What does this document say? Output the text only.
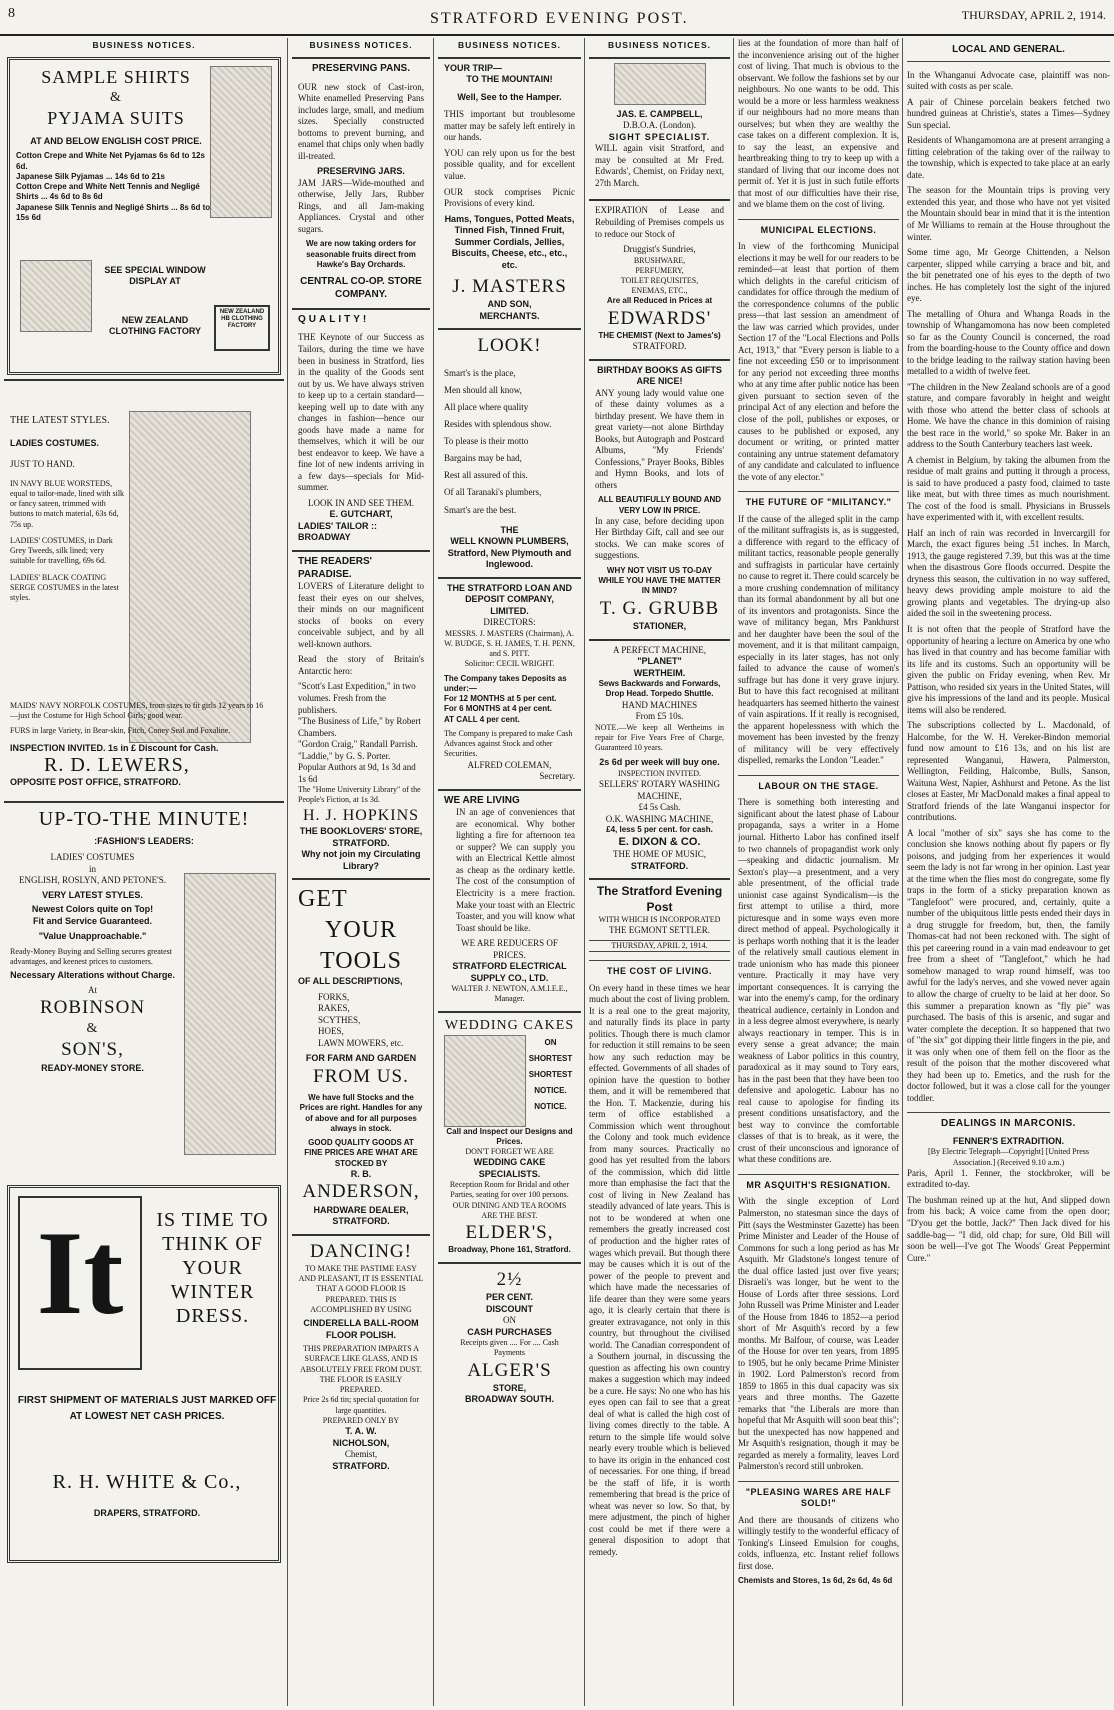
8	STRATFORD EVENING POST.	THURSDAY, APRIL 2, 1914.
BUSINESS NOTICES.
SAMPLE SHIRTS
&
PYJAMA SUITS
AT AND BELOW ENGLISH COST PRICE.
Cotton Crepe and White Net Pyjamas 6s 6d to 12s 6d.
Japanese Silk Pyjamas ... 14s 6d to 21s
Cotton Crepe and White Nett Tennis and Negligé Shirts ... 4s 6d to 8s 6d
Japanese Silk Tennis and Negligé Shirts ... 8s 6d to 15s 6d
SEE SPECIAL WINDOW DISPLAY AT
NEW ZEALAND CLOTHING FACTORY
NEW ZEALAND HB CLOTHING FACTORY
THE LATEST STYLES.
LADIES COSTUMES.
JUST TO HAND.
IN NAVY BLUE WORSTEDS, equal to tailor-made, lined with silk or fancy sateen, trimmed with buttons to match material, 63s 6d, 75s up.
LADIES' COSTUMES, in Dark Grey Tweeds, silk lined; very suitable for travelling, 69s 6d.
LADIES' BLACK COATING SERGE COSTUMES in the latest styles.
MAIDS' NAVY NORFOLK COSTUMES, from sizes to fit girls 12 years to 16—just the Costume for High School Girls; good wear.
FURS in large Variety, in Bear-skin, Fitch, Coney Seal and Foxaline.
INSPECTION INVITED. 1s in £ Discount for Cash.
R. D. LEWERS,
OPPOSITE POST OFFICE, STRATFORD.
UP-TO-THE MINUTE!
:FASHION'S LEADERS:
LADIES' COSTUMES
in
ENGLISH, ROSLYN, AND PETONE'S.
VERY LATEST STYLES.
Newest Colors quite on Top!
Fit and Service Guaranteed.
"Value Unapproachable."
Ready-Money Buying and Selling secures greatest advantages, and keenest prices to customers.
Necessary Alterations without Charge.
At
ROBINSON
&
SON'S,
READY-MONEY STORE.
It	IS TIME TO THINK OF YOUR WINTER DRESS.
FIRST SHIPMENT OF MATERIALS JUST MARKED OFF AT LOWEST NET CASH PRICES.
R. H. WHITE & Co.,
DRAPERS, STRATFORD.
BUSINESS NOTICES.
PRESERVING PANS.

OUR new stock of Cast-iron, White enamelled Preserving Pans includes large, small, and medium sizes. Specially constructed bottoms to prevent burning, and enamel that chips only when badly ill-treated.

PRESERVING JARS.

JAM JARS—Wide-mouthed and otherwise, Jelly Jars, Rubber Rings, and all Jam-making Appliances. Crystal and other sugars.

We are now taking orders for seasonable fruits direct from Hawke's Bay Orchards.
CENTRAL CO-OP. STORE COMPANY.
QUALITY!

THE Keynote of our Success as Tailors, during the time we have been in business in Stratford, lies in the quality of the Goods sent out by us. We have always striven to keep up to a certain standard—keeping well up to date with any changes in fashion—hence our goods have made a name for themselves, which it will be our best endeavor to keep. We have a fine lot of new indents arriving in a few days—specials for Mid-summer.

LOOK IN AND SEE THEM.
E. GUTCHART,
LADIES' TAILOR :: BROADWAY
THE READERS' PARADISE.

LOVERS of Literature delight to feast their eyes on our shelves, their minds on our magnificent stocks of books on every conceivable subject, and by all well-known authors.

Read the story of Britain's Antarctic hero:

"Scott's Last Expedition," in two volumes. Fresh from the publishers.
"The Business of Life," by Robert Chambers.
"Gordon Craig," Randall Parrish.
"Laddie," by G. S. Porter.
Popular Authors at 9d, 1s 3d and 1s 6d
The "Home University Library" of the People's Fiction, at 1s 3d.
H. J. HOPKINS
THE BOOKLOVERS' STORE, STRATFORD.
Why not join my Circulating Library?
GET
YOUR
TOOLS
OF ALL DESCRIPTIONS,
FORKS,
RAKES,
SCYTHES,
HOES,
LAWN MOWERS, etc.
FOR FARM AND GARDEN
FROM US.
We have full Stocks and the Prices are right. Handles for any of above and for all purposes always in stock.
GOOD QUALITY GOODS AT FINE PRICES ARE WHAT ARE STOCKED BY
R. B.
ANDERSON,
HARDWARE DEALER,
STRATFORD.
DANCING!
TO MAKE THE PASTIME EASY AND PLEASANT, IT IS ESSENTIAL THAT A GOOD FLOOR IS PREPARED. THIS IS ACCOMPLISHED BY USING
CINDERELLA BALL-ROOM FLOOR POLISH.
THIS PREPARATION IMPARTS A SURFACE LIKE GLASS, AND IS ABSOLUTELY FREE FROM DUST. THE FLOOR IS EASILY PREPARED.
Price 2s 6d tin; special quotation for large quantities.
PREPARED ONLY BY
T. A. W.
NICHOLSON,
Chemist,
STRATFORD.
BUSINESS NOTICES.
YOUR TRIP—
TO THE MOUNTAIN!
Well, See to the Hamper.

THIS important but troublesome matter may be safely left entirely in our hands.

YOU can rely upon us for the best possible quality, and for excellent value.

OUR stock comprises Picnic Provisions of every kind.

Hams, Tongues, Potted Meats, Tinned Fish, Tinned Fruit, Summer Cordials, Jellies, Biscuits, Cheese, etc., etc., etc.

J. MASTERS
AND SON,
MERCHANTS.
LOOK!
Smart's is the place,
Men should all know,
All place where quality
Resides with splendous show.
To please is their motto
Bargains may be had,
Rest all assured of this.
Of all Taranaki's plumbers,
Smart's are the best.
THE
WELL KNOWN PLUMBERS,
Stratford, New Plymouth and Inglewood.
THE STRATFORD LOAN AND DEPOSIT COMPANY,
LIMITED.
DIRECTORS:
MESSRS. J. MASTERS (Chairman), A. W. BUDGE, S. H. JAMES, T. H. PENN, and S. PITT.
Solicitor: CECIL WRIGHT.
The Company takes Deposits as under:—
For 12 MONTHS at 5 per cent.
For 6 MONTHS at 4 per cent.
AT CALL 4 per cent.
The Company is prepared to make Cash Advances against Stock and other Securities.
ALFRED COLEMAN,
Secretary.
WE ARE LIVING

IN an age of conveniences that are economical. Why bother lighting a fire for afternoon tea or supper? We can supply you with an Electrical Kettle almost as cheap as the ordinary kettle. The cost of the consumption of Electricity is a mere fraction. Make your toast with an Electric Toaster, and you will know what Toast should be like.

WE ARE REDUCERS OF PRICES.
STRATFORD ELECTRICAL SUPPLY CO., LTD.
WALTER J. NEWTON, A.M.I.E.E., Manager.
WEDDING CAKES
ON
SHORTEST
SHORTEST
NOTICE.
NOTICE.
Call and Inspect our Designs and Prices.
DON'T FORGET WE ARE
WEDDING CAKE SPECIALISTS.
Reception Room for Bridal and other Parties, seating for over 100 persons. OUR DINING AND TEA ROOMS ARE THE BEST.
ELDER'S,
Broadway, Phone 161, Stratford.
2½
PER CENT.
DISCOUNT
ON
CASH PURCHASES
Receipts given .... For .... Cash Payments
ALGER'S
STORE,
BROADWAY SOUTH.
BUSINESS NOTICES.
JAS. E. CAMPBELL,
D.B.O.A. (London).
SIGHT SPECIALIST.

WILL again visit Stratford, and may be consulted at Mr Fred. Edwards', Chemist, on Friday next, 27th March.

EXPIRATION of Lease and Rebuilding of Premises compels us to reduce our Stock of

Druggist's Sundries,
BRUSHWARE,
PERFUMERY,
TOILET REQUISITES,
ENEMAS, ETC.,
Are all Reduced in Prices at
EDWARDS'
THE CHEMIST (Next to James's)
STRATFORD.
BIRTHDAY BOOKS AS GIFTS ARE NICE!

ANY young lady would value one of these dainty volumes as a birthday present. We have them in great variety—not alone Birthday Books, but Autograph and Postcard Albums, "My Friends' Confessions," Prayer Books, Bibles and Hymn Books, and lots of others

ALL BEAUTIFULLY BOUND AND VERY LOW IN PRICE.

In any case, before deciding upon Her Birthday Gift, call and see our stocks. We can make scores of suggestions.

WHY NOT VISIT US TO-DAY WHILE YOU HAVE THE MATTER IN MIND?
T. G. GRUBB
STATIONER,
A PERFECT MACHINE,
"PLANET"
WERTHEIM.
Sews Backwards and Forwards, Drop Head. Torpedo Shuttle.
HAND MACHINES
From £5 10s.

NOTE.—We keep all Wertheims in repair for Five Years Free of Charge, Guaranteed 10 years.

2s 6d per week will buy one.
INSPECTION INVITED.
SELLERS' ROTARY WASHING MACHINE,
£4 5s Cash.
O.K. WASHING MACHINE,
£4, less 5 per cent. for cash.
E. DIXON & CO.
THE HOME OF MUSIC,
STRATFORD.
The Stratford Evening Post
WITH WHICH IS INCORPORATED
THE EGMONT SETTLER.
THURSDAY, APRIL 2, 1914.
THE COST OF LIVING.

On every hand in these times we hear much about the cost of living problem. It is a real one to the great majority, and naturally finds its place in party politics. Though there is much clamor for reduction it still remains to be seen how any such reduction may be effected. Governments of all shades of opinion have the question to bother them, and it will be remembered that the Hon. T. Mackenzie, during his term of office established a Commission which went throughout the Colony and took much evidence from many sources. Practically no good has yet resulted from the labors of the commission, which did little more than emphasise the fact that the cost of living in New Zealand has steadily advanced of late years. This is not to be wondered at when one remembers the greatly increased cost of production and the higher rates of wages which prevail. But though there may be causes which it is out of the power of the people to prevent and which have made the necessaries of life dearer than they were some years ago, it is clearly certain that there is greater extravagance, not only in this country, but throughout the civilised world. The Canadian correspondent of a Southern journal, in discussing the question as affecting his own country makes a suggestion which may indeed be a cure. He says: No one who has his eyes open can fail to see that a great deal of what is called the high cost of living comes directly to the table. A return to the simple life would solve nearly every trouble which is believed to have its origin in the enhanced cost of necessaries. For one thing, if bread be the staff of life, it is worth remembering that bread is the price of wheat was never so low. So that, by mere adjustment, the pinch of higher cost could be met if there were a general disposition to adopt that remedy.

lies at the foundation of more than half of the inconvenience arising out of the higher cost of living. That much is obvious to the observant. We follow the fashions set by our neighbours. No one wants to be odd. This would be a more or less harmless weakness if our neighbours had no more means than ourselves; but when they are wealthy the case takes on a different complexion. It is, to say the least, an expensive and heartbreaking thing to try to keep up with a standard of living that our income does not permit of. Yet it is just in such futile efforts that most of our difficulties have their rise, and we blame them on the cost of living.

MUNICIPAL ELECTIONS.

In view of the forthcoming Municipal elections it may be well for our readers to be reminded—at least that portion of them which delights in the careful criticism of candidates for office through the medium of the correspondence columns of the public press—that last session an amendment of the law was carried which provides, under Section 17 of the "Local Elections and Polls Act, 1913," that "Every person is liable to a fine not exceeding £50 or to imprisonment for any period not exceeding three months who at any time after public notice has been given pursuant to section seven of the principal Act of any election and before the close of the poll, publishes or exposes, or causes to be published or exposed, any document or writing, or printed matter containing any untrue statement defamatory of any candidate and calculated to influence the vote of any elector."

THE FUTURE OF "MILITANCY."

If the cause of the alleged split in the camp of the militant suffragists is, as is suggested, a difference with regard to the efficacy of militant tactics, reasonable people generally and suffragists in particular have certainly no cause to regret it. There could scarcely be a more crushing condemnation of militancy than its formal abandonment by all but one of its inventors and protagonists. Since the wave of militancy began, Mrs Pankhurst and her daughter have been the soul of the movement, and it is that militant campaign, especially in its later stages, has not only failed to advance the cause of women's suffrage but has done it very grave injury. But to have this fact recognised at militant headquarters has seemed hitherto the vainest of vain aspirations. If it really is recognised, the apparent hopelessness with which the movement has been invested by the frenzy of militancy will be very effectively dispelled, remarks the London "Leader."

LABOUR ON THE STAGE.

There is something both interesting and significant about the latest phase of Labour propaganda, says a writer in a Home journal. Hitherto Labor has confined itself to two channels of propagandist work only—speaking and didactic journalism. Mr Sexton's play—a presentment, and a very able presentment, of the official trade unionist case against Syndicalism—is the first attempt to utilise a third, more picturesque and in some ways even more direct method of appeal. Psychologically it is perhaps worth nothing that it is the leader of the relatively small cautious element in trade unionism who has made this pioneer venture. Practically it may have very important consequences. It is carrying the war into the enemy's camp, for the ordinary theatrical audience, certainly in London and in a less degree almost everywhere, is nearly always reactionary in temper. This is in every sense a great advance; the main weakness of Labor politics in this country, paradoxical as it may sound to Tory ears, has in the past been that they have been too defensive and apologetic. Labour has no real cause to apologise for finding its present conditions unsatisfactory, and the best way to convince the comfortable classes of that is to break, as it were, the crust of their unconscious and ignorance of what these conditions are.

MR ASQUITH'S RESIGNATION.

With the single exception of Lord Palmerston, no statesman since the days of Pitt (says the Westminster Gazette) has been Prime Minister and Leader of the House of Commons for such a long period as has Mr Asquith. Mr Gladstone's longest tenure of the dual office lasted just over five years; Disraeli's was longer, but he went to the House of Lords after three sessions. Lord John Russell was Prime Minister and Leader of the House from 1846 to 1852—a period short of Mr Asquith's record by a few months. Mr Balfour, of course, was Leader of the House for over ten years, from 1895 to 1905, but he only became Prime Minister in 1902. Lord Palmerston's record from 1859 to 1865 in this dual capacity was six years and three months. The Gazette remarks that "the Liberals are more than hopeful that Mr Asquith will soon beat this"; but the unexpected has now happened and Mr Asquith's resignation, though it may be regarded as merely a formality, leaves Lord Palmerston's record still unbroken.

"PLEASING WARES ARE HALF SOLD!"

And there are thousands of citizens who willingly testify to the wonderful efficacy of Tonking's Linseed Emulsion for coughs, colds, influenza, etc. Instant relief follows first dose.

Chemists and Stores, 1s 6d, 2s 6d, 4s 6d

LOCAL AND GENERAL.

In the Whanganui Advocate case, plaintiff was non-suited with costs as per scale.

A pair of Chinese porcelain beakers fetched two hundred guineas at Christie's, states a Times—Sydney Sun special.

Residents of Whangamomona are at present arranging a fitting celebration of the taking over of the railway to the township, which is expected to take place at an early date.

The season for the Mountain trips is proving very extended this year, and those who have not yet visited the Mountain should bear in mind that it is the intention of Mr Williams to remain at the House throughout the winter.

Some time ago, Mr George Chittenden, a Nelson carpenter, slipped while carrying a brace and bit, and the bit penetrated one of his eyes to the depth of two inches. He has completely lost the sight of the injured eye.

The metalling of Ohura and Whanga Roads in the township of Whangamomona has now been completed so far as the County Council is concerned, the road from the boarding-house to the County office and down to the bridge leading to the railway station having been metalled to a width of twelve feet.

"The children in the New Zealand schools are of a good stature, and compare favorably in height and weight with those who attend the better class of schools at Home. We have the chance in this dominion of raising the best race in the world," so spoke Mr. Baker in an address to the South Canterbury teachers last week.

A chemist in Belgium, by taking the albumen from the residue of malt grains and putting it through a process, is said to have produced a pasty food, claimed to taste like meat, but with three times as much nourishment. The cost of the food is small. Physicians in Brussels have experimented with it, with excellent results.

Half an inch of rain was recorded in Invercargill for March, the exact figures being .51 inches. In March, 1913, the gauge registered 7.39, but this was at the time when the disastrous Gore floods occurred. Despite the dryness this season, the cultivation in no way suffered, heavy dews providing ample moisture to aid the growing plants and vegetables. The drying-up also aided the soil in the sweetening process.

It is not often that the people of Stratford have the opportunity of hearing a lecture on America by one who has lived in that country and has become familiar with its life and its customs. Such an opportunity will be given the public on Friday evening, when Rev. Mr Pattison, who resided six years in the United States, will give his impressions of the land and its people. Musical items will also be rendered.

The subscriptions collected by L. Macdonald, of Halcombe, for the W. H. Vereker-Bindon memorial fund now amount to £16 13s, and on his list are represented Wanganui, Hawera, Palmerston, Wellington, Feilding, Halcombe, Bulls, Sanson, Waituna West, Napier, Ashhurst and Petone. As the list closes at Easter, Mr MacDonald makes a final appeal to Stratford friends of the late Wanganui inspector for contributions.

A local "mother of six" says she has come to the conclusion she knows nothing about fly papers or fly poisons, and judging from her experiences it would seem the lady is not far wrong in her opinion. Last year at the time when the flies most do congregate, some fly traps in the form of a sticky preparation known as "Tanglefoot" were procured, and, certainly, quite a number of the ubiquitous little pests ended their days in a drug struggle for freedom, but, then, the family Thomas-cat had not been reckoned with. The sight of this pet careering round in a vain mad endeavour to get free from a sheet of "Tanglefoot," which he had somehow managed to wrap round himself, was too awful for the lady's nerves, and she vowed never again to allow the charge of cruelty to be laid at her door. So this summer a preparation known as "fly pie" was purchased. The basis of this is arsenic, and sugar and water complete the deception. It so happened that two of "the six" got dipping their little fingers in the pie, and it was only when one of them fell on the floor as the result of the poison that the mother discovered what they had been up to. Emetics, and the rush for the doctor followed, but it was a close call for the younger toddler.

DEALINGS IN MARCONIS.
FENNER'S EXTRADITION.
[By Electric Telegraph—Copyright] [United Press Association.] (Received 9.10 a.m.)

Paris, April 1. Fenner, the stockbroker, will be extradited to-day.

The bushman reined up at the hut, And slipped down from his back; A voice came from the open door; "D'you get the bottle, Jack?" Then Jack dived for his saddle-bag— "I did, old chap; for sure, Old Bill will soon be well—I've got The Woods' Great Peppermint Cure."
